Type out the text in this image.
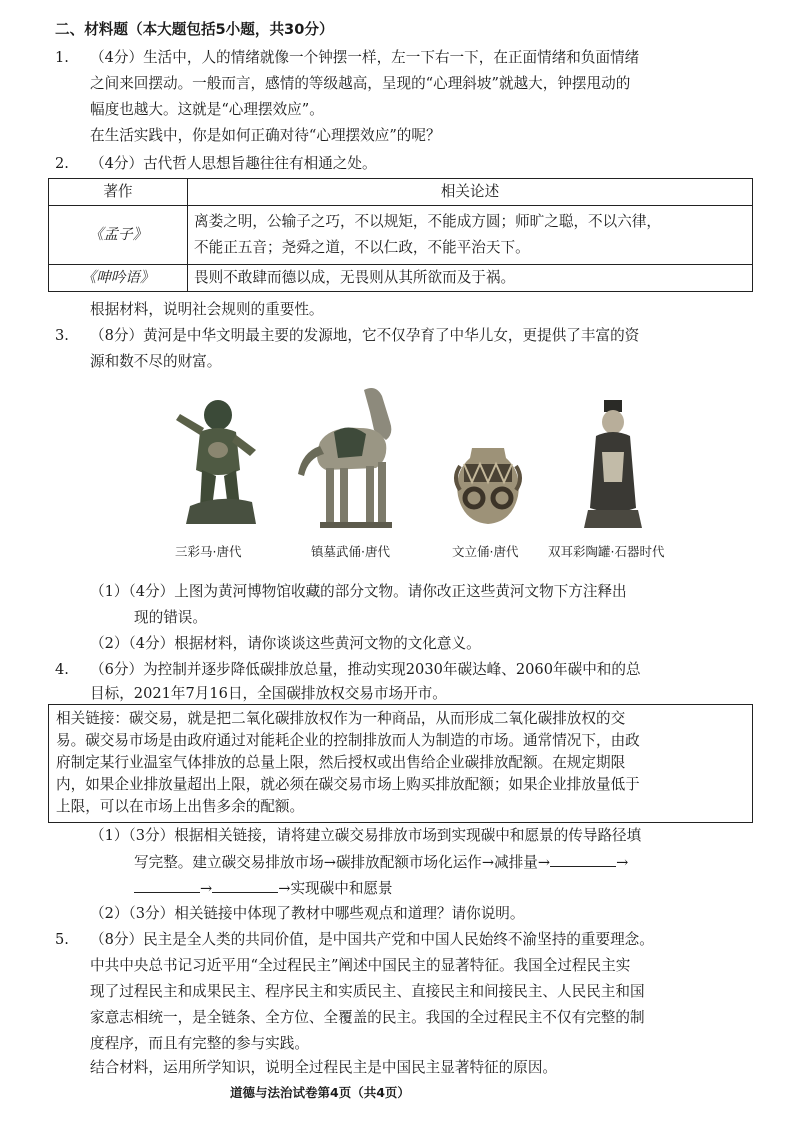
二、材料题（本大题包括5小题，共30分）
1. （4分）生活中，人的情绪就像一个钟摆一样，左一下右一下，在正面情绪和负面情绪
之间来回摆动。一般而言，感情的等级越高，呈现的“心理斜坡”就越大，钟摆甩动的
幅度也越大。这就是“心理摆效应”。
在生活实践中，你是如何正确对待“心理摆效应”的呢？
2. （4分）古代哲人思想旨趣往往有相通之处。
著作	相关论述
《孟子》	离娄之明，公输子之巧，不以规矩，不能成方圆；师旷之聪，不以六律，
不能正五音；尧舜之道，不以仁政，不能平治天下。

《呻吟语》	畏则不敢肆而德以成，无畏则从其所欲而及于祸。
根据材料，说明社会规则的重要性。
3. （8分）黄河是中华文明最主要的发源地，它不仅孕育了中华儿女，更提供了丰富的资
源和数不尽的财富。
三彩马·唐代	镇墓武俑·唐代	文立俑·唐代 双耳彩陶罐·石器时代
（1）（4分）上图为黄河博物馆收藏的部分文物。请你改正这些黄河文物下方注释出
现的错误。
（2）（4分）根据材料，请你谈谈这些黄河文物的文化意义。
4. （6分）为控制并逐步降低碳排放总量，推动实现2030年碳达峰、2060年碳中和的总
目标，2021年7月16日，全国碳排放权交易市场开市。
相关链接：碳交易，就是把二氧化碳排放权作为一种商品，从而形成二氧化碳排放权的交
易。碳交易市场是由政府通过对能耗企业的控制排放而人为制造的市场。通常情况下，由政
府制定某行业温室气体排放的总量上限，然后授权或出售给企业碳排放配额。在规定期限
内，如果企业排放量超出上限，就必须在碳交易市场上购买排放配额；如果企业排放量低于
上限，可以在市场上出售多余的配额。
（1）（3分）根据相关链接，请将建立碳交易排放市场到实现碳中和愿景的传导路径填
写完整。建立碳交易排放市场→碳排放配额市场化运作→减排量→	→
→	→实现碳中和愿景
（2）（3分）相关链接中体现了教材中哪些观点和道理？请你说明。
5. （8分）民主是全人类的共同价值，是中国共产党和中国人民始终不渝坚持的重要理念。
中共中央总书记习近平用“全过程民主”阐述中国民主的显著特征。我国全过程民主实
现了过程民主和成果民主、程序民主和实质民主、直接民主和间接民主、人民民主和国
家意志相统一，是全链条、全方位、全覆盖的民主。我国的全过程民主不仅有完整的制
度程序，而且有完整的参与实践。
结合材料，运用所学知识，说明全过程民主是中国民主显著特征的原因。
道德与法治试卷第4页（共4页）
